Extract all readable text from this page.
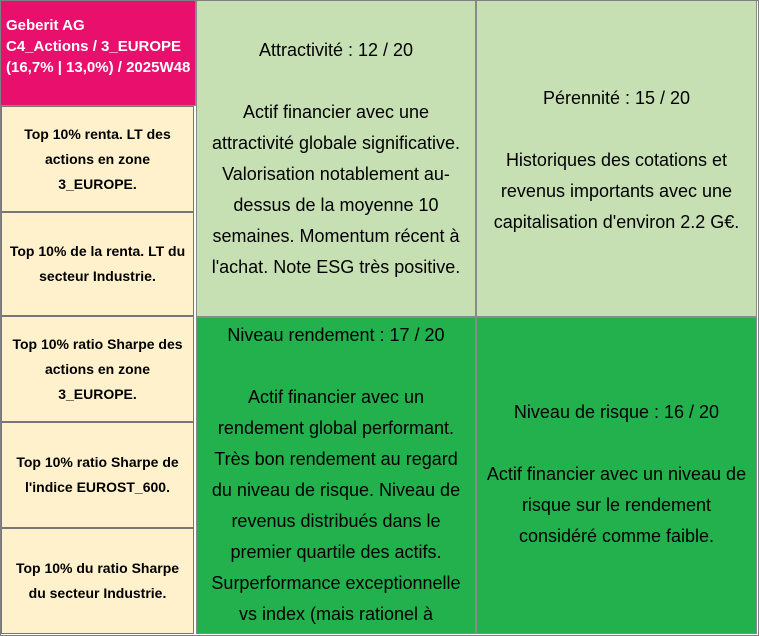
Geberit AG
C4_Actions / 3_EUROPE
(16,7% | 13,0%) / 2025W48
Top 10% renta. LT des actions en zone 3_EUROPE.
Top 10% de la renta. LT du secteur Industrie.
Top 10% ratio Sharpe des actions en zone 3_EUROPE.
Top 10% ratio Sharpe de l'indice EUROST_600.
Top 10% du ratio Sharpe du secteur Industrie.
Attractivité : 12 / 20
Actif financier avec une attractivité globale significative. Valorisation notablement au-dessus de la moyenne 10 semaines. Momentum récent à l'achat. Note ESG très positive.
Pérennité : 15 / 20
Historiques des cotations et revenus importants avec une capitalisation d'environ 2.2 G€.
Niveau rendement : 17 / 20
Actif financier avec un rendement global performant. Très bon rendement au regard du niveau de risque. Niveau de revenus distribués dans le premier quartile des actifs. Surperformance exceptionnelle vs index (mais rationel à
Niveau de risque : 16 / 20
Actif financier avec un niveau de risque sur le rendement considéré comme faible.
